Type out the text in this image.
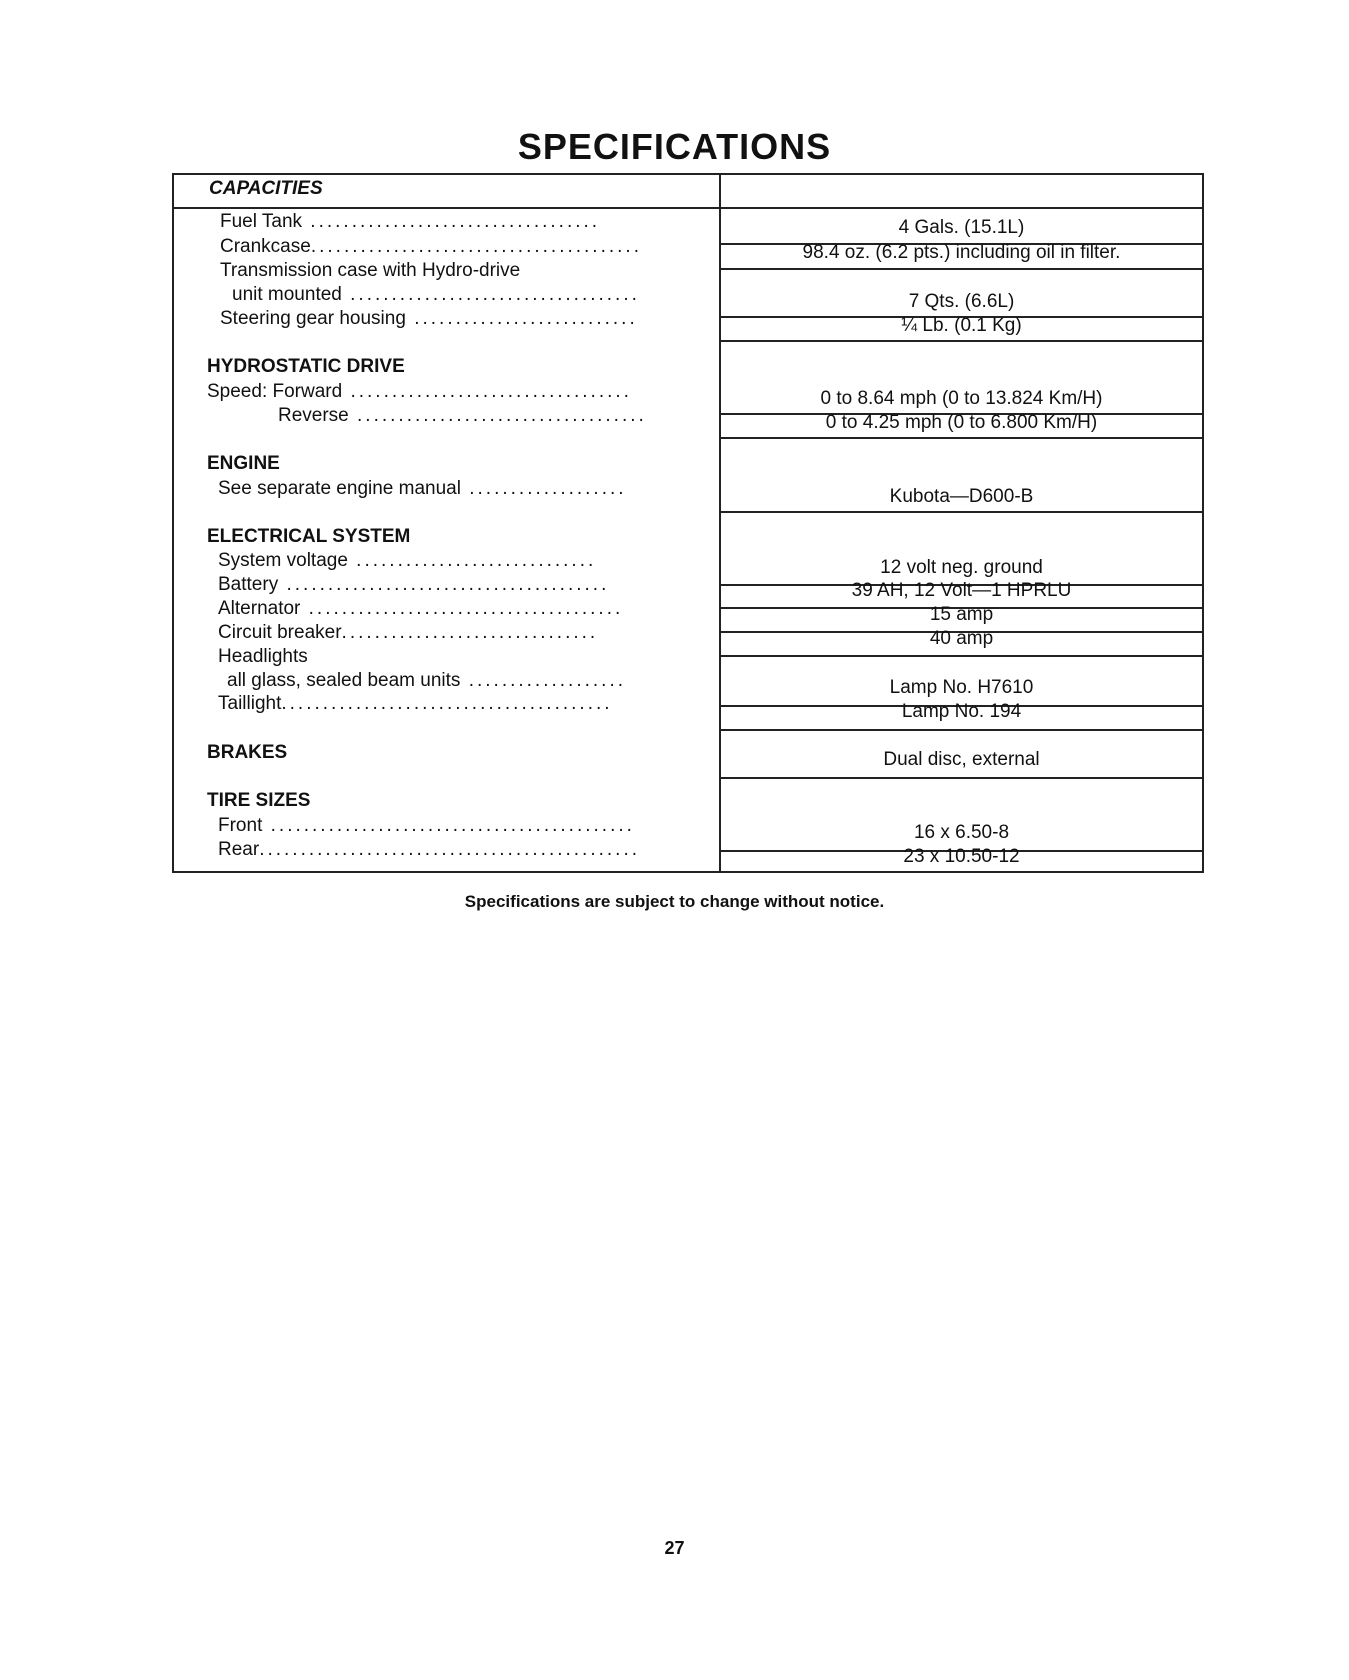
SPECIFICATIONS
CAPACITIES
Fuel Tank ...................................	4 Gals. (15.1L)
Crankcase........................................	98.4 oz. (6.2 pts.) including oil in filter.
Transmission case with Hydro-drive
unit mounted ...................................	7 Qts. (6.6L)
Steering gear housing ...........................	¼ Lb. (0.1 Kg)
HYDROSTATIC DRIVE
Speed: Forward ..................................	0 to 8.64 mph (0 to 13.824 Km/H)
Reverse ...................................	0 to 4.25 mph (0 to 6.800 Km/H)
ENGINE
See separate engine manual ...................	Kubota—D600-B
ELECTRICAL SYSTEM
System voltage .............................	12 volt neg. ground
Battery .......................................	39 AH, 12 Volt—1 HPRLU
Alternator ......................................	15 amp
Circuit breaker...............................	40 amp
Headlights
all glass, sealed beam units ...................	Lamp No. H7610
Taillight........................................	Lamp No. 194
BRAKES	Dual disc, external
TIRE SIZES
Front ............................................	16 x 6.50-8
Rear..............................................	23 x 10.50-12
Specifications are subject to change without notice.
27
